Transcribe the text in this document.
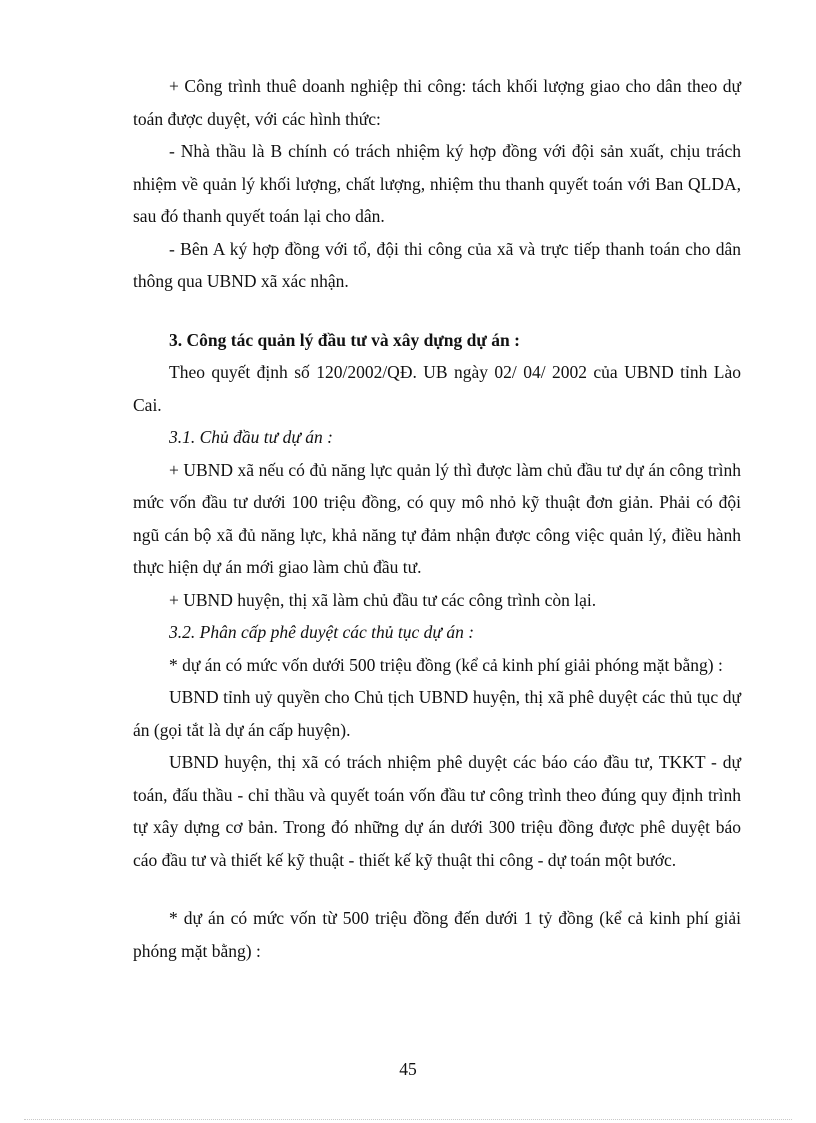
+ Công trình thuê doanh nghiệp thi công: tách khối lượng giao cho dân theo dự toán được duyệt, với các hình thức:

- Nhà thầu là B chính có trách nhiệm ký hợp đồng với đội sản xuất, chịu trách nhiệm về quản lý khối lượng, chất lượng, nhiệm thu thanh quyết toán với Ban QLDA, sau đó thanh quyết toán lại cho dân.

- Bên A ký hợp đồng với tổ, đội thi công của xã và trực tiếp thanh toán cho dân thông qua UBND xã xác nhận.

3. Công tác quản lý đầu tư và xây dựng dự án :

Theo quyết định số 120/2002/QĐ. UB ngày 02/ 04/ 2002 của UBND tỉnh Lào Cai.

3.1. Chủ đầu tư dự án :

+ UBND xã nếu có đủ năng lực quản lý thì được làm chủ đầu tư dự án công trình mức vốn đầu tư dưới 100 triệu đồng, có quy mô nhỏ kỹ thuật đơn giản. Phải có đội ngũ cán bộ xã đủ năng lực, khả năng tự đảm nhận được công việc quản lý, điều hành thực hiện dự án mới giao làm chủ đầu tư.

+ UBND huyện, thị xã làm chủ đầu tư các công trình còn lại.

3.2. Phân cấp phê duyệt các thủ tục dự án :

* dự án có mức vốn dưới 500 triệu đồng (kể cả kinh phí giải phóng mặt bằng) :

UBND tỉnh uỷ quyền cho Chủ tịch UBND huyện, thị xã phê duyệt các thủ tục dự án (gọi tắt là dự án cấp huyện).

UBND huyện, thị xã có trách nhiệm phê duyệt các báo cáo đầu tư, TKKT - dự toán, đấu thầu - chỉ thầu và quyết toán vốn đầu tư công trình theo đúng quy định trình tự xây dựng cơ bản. Trong đó những dự án dưới 300 triệu đồng được phê duyệt báo cáo đầu tư và thiết kế kỹ thuật - thiết kế kỹ thuật thi công - dự toán một bước.

* dự án có mức vốn từ 500 triệu đồng đến dưới 1 tỷ đồng (kể cả kinh phí giải phóng mặt bằng) :

45
